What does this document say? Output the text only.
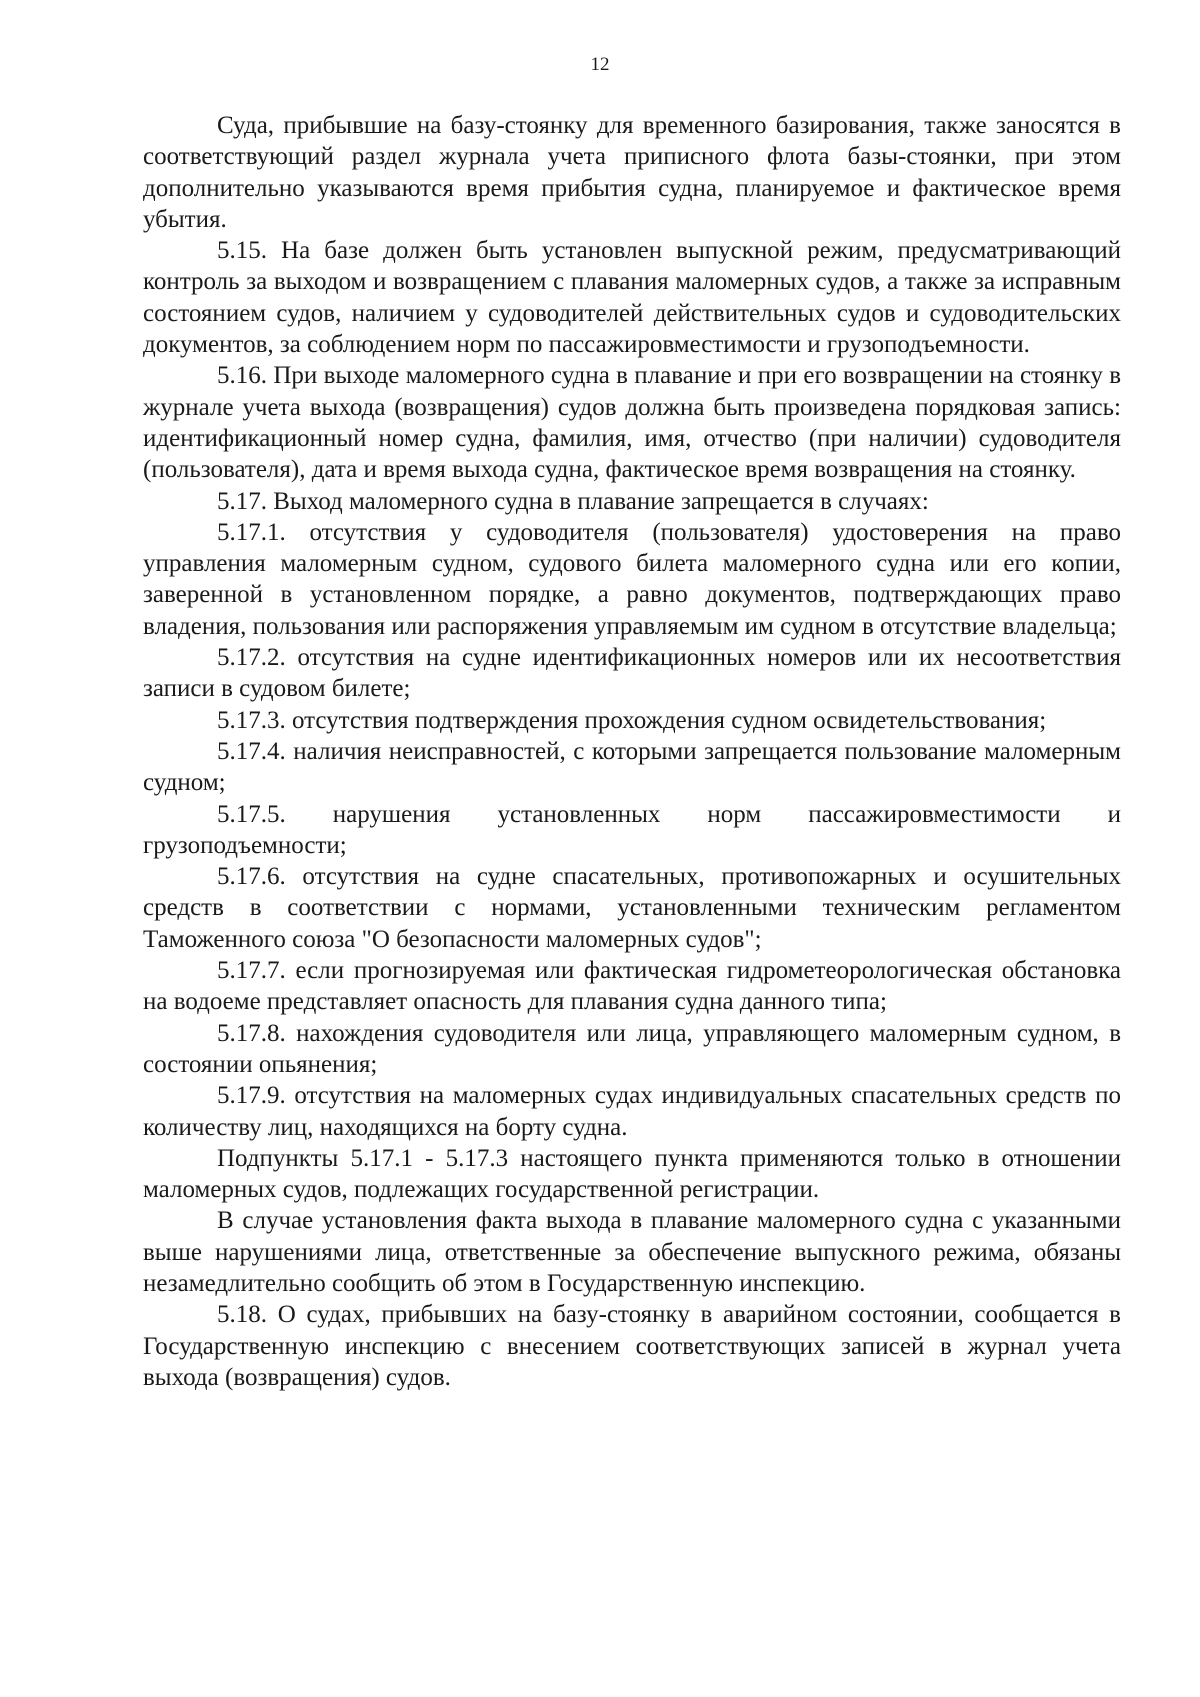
12

Суда, прибывшие на базу-стоянку для временного базирования, также заносятся в соответствующий раздел журнала учета приписного флота базы-стоянки, при этом дополнительно указываются время прибытия судна, планируемое и фактическое время убытия.

5.15. На базе должен быть установлен выпускной режим, предусматривающий контроль за выходом и возвращением с плавания маломерных судов, а также за исправным состоянием судов, наличием у судоводителей действительных судов и судоводительских документов, за соблюдением норм по пассажировместимости и грузоподъемности.

5.16. При выходе маломерного судна в плавание и при его возвращении на стоянку в журнале учета выхода (возвращения) судов должна быть произведена порядковая запись: идентификационный номер судна, фамилия, имя, отчество (при наличии) судоводителя (пользователя), дата и время выхода судна, фактическое время возвращения на стоянку.

5.17. Выход маломерного судна в плавание запрещается в случаях:

5.17.1. отсутствия у судоводителя (пользователя) удостоверения на право управления маломерным судном, судового билета маломерного судна или его копии, заверенной в установленном порядке, а равно документов, подтверждающих право владения, пользования или распоряжения управляемым им судном в отсутствие владельца;

5.17.2. отсутствия на судне идентификационных номеров или их несоответствия записи в судовом билете;

5.17.3. отсутствия подтверждения прохождения судном освидетельствования;

5.17.4. наличия неисправностей, с которыми запрещается пользование маломерным судном;

5.17.5. нарушения установленных норм пассажировместимости и грузоподъемности;

5.17.6. отсутствия на судне спасательных, противопожарных и осушительных средств в соответствии с нормами, установленными техническим регламентом Таможенного союза "О безопасности маломерных судов";

5.17.7. если прогнозируемая или фактическая гидрометеорологическая обстановка на водоеме представляет опасность для плавания судна данного типа;

5.17.8. нахождения судоводителя или лица, управляющего маломерным судном, в состоянии опьянения;

5.17.9. отсутствия на маломерных судах индивидуальных спасательных средств по количеству лиц, находящихся на борту судна.

Подпункты 5.17.1 - 5.17.3 настоящего пункта применяются только в отношении маломерных судов, подлежащих государственной регистрации.

В случае установления факта выхода в плавание маломерного судна с указанными выше нарушениями лица, ответственные за обеспечение выпускного режима, обязаны незамедлительно сообщить об этом в Государственную инспекцию.

5.18. О судах, прибывших на базу-стоянку в аварийном состоянии, сообщается в Государственную инспекцию с внесением соответствующих записей в журнал учета выхода (возвращения) судов.
